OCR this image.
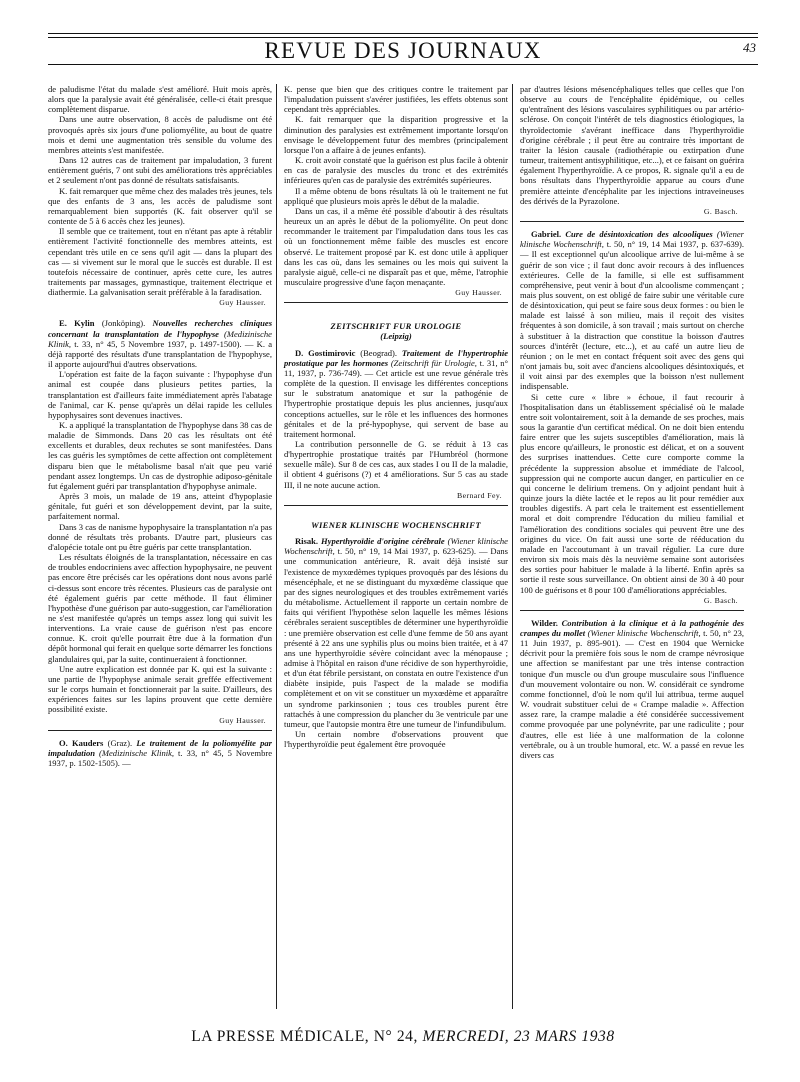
REVUE DES JOURNAUX	43

de paludisme l'état du malade s'est amélioré. Huit mois après, alors que la paralysie avait été généralisée, celle-ci était presque complètement disparue.

Dans une autre observation, 8 accès de paludisme ont été provoqués après six jours d'une poliomyélite, au bout de quatre mois et demi une augmentation très sensible du volume des membres atteints s'est manifestée.

Dans 12 autres cas de traitement par impaludation, 3 furent entièrement guéris, 7 ont subi des améliorations très appréciables et 2 seulement n'ont pas donné de résultats satisfaisants.

K. fait remarquer que même chez des malades très jeunes, tels que des enfants de 3 ans, les accès de paludisme sont remarquablement bien supportés (K. fait observer qu'il se contente de 5 à 6 accès chez les jeunes).

Il semble que ce traitement, tout en n'étant pas apte à rétablir entièrement l'activité fonctionnelle des membres atteints, est cependant très utile en ce sens qu'il agit — dans la plupart des cas — si vivement sur le moral que le succès est durable. Il est toutefois nécessaire de continuer, après cette cure, les autres traitements par massages, gymnastique, traitement électrique et diathermie. La galvanisation serait préférable à la faradisation.

Guy Hausser.

E. Kylin (Jonköping). Nouvelles recherches cliniques concernant la transplantation de l'hypophyse (Medizinische Klinik, t. 33, n° 45, 5 Novembre 1937, p. 1497-1500). — K. a déjà rapporté des résultats d'une transplantation de l'hypophyse, il apporte aujourd'hui d'autres observations.

L'opération est faite de la façon suivante : l'hypophyse d'un animal est coupée dans plusieurs petites parties, la transplantation est d'ailleurs faite immédiatement après l'abatage de l'animal, car K. pense qu'après un délai rapide les cellules hypophysaires sont devenues inactives.

K. a appliqué la transplantation de l'hypophyse dans 38 cas de maladie de Simmonds. Dans 20 cas les résultats ont été excellents et durables, deux rechutes se sont manifestées. Dans les cas guéris les symptômes de cette affection ont complètement disparu bien que le métabolisme basal n'ait que peu varié pendant assez longtemps. Un cas de dystrophie adiposo-génitale fut également guéri par transplantation d'hypophyse animale.

Après 3 mois, un malade de 19 ans, atteint d'hypoplasie génitale, fut guéri et son développement devint, par la suite, parfaitement normal.

Dans 3 cas de nanisme hypophysaire la transplantation n'a pas donné de résultats très probants. D'autre part, plusieurs cas d'alopécie totale ont pu être guéris par cette transplantation.

Les résultats éloignés de la transplantation, nécessaire en cas de troubles endocriniens avec affection hypophysaire, ne peuvent pas encore être précisés car les opérations dont nous avons parlé ci-dessus sont encore très récentes. Plusieurs cas de paralysie ont été également guéris par cette méthode. Il faut éliminer l'hypothèse d'une guérison par auto-suggestion, car l'amélioration ne s'est manifestée qu'après un temps assez long qui suivit les interventions. La vraie cause de guérison n'est pas encore connue. K. croit qu'elle pourrait être due à la formation d'un dépôt hormonal qui ferait en quelque sorte démarrer les fonctions glandulaires qui, par la suite, continueraient à fonctionner.

Une autre explication est donnée par K. qui est la suivante : une partie de l'hypophyse animale serait greffée effectivement sur le corps humain et fonctionnerait par la suite. D'ailleurs, des expériences faites sur les lapins prouvent que cette dernière possibilité existe.

Guy Hausser.

O. Kauders (Graz). Le traitement de la poliomyélite par impaludation (Medizinische Klinik, t. 33, n° 45, 5 Novembre 1937, p. 1502-1505). —

K. pense que bien que des critiques contre le traitement par l'impaludation puissent s'avérer justifiées, les effets obtenus sont cependant très appréciables.

K. fait remarquer que la disparition progressive et la diminution des paralysies est extrêmement importante lorsqu'on envisage le développement futur des membres (principalement lorsque l'on a affaire à de jeunes enfants).

K. croit avoir constaté que la guérison est plus facile à obtenir en cas de paralysie des muscles du tronc et des extrémités inférieures qu'en cas de paralysie des extrémités supérieures.

Il a même obtenu de bons résultats là où le traitement ne fut appliqué que plusieurs mois après le début de la maladie.

Dans un cas, il a même été possible d'aboutir à des résultats heureux un an après le début de la poliomyélite. On peut donc recommander le traitement par l'impaludation dans tous les cas où un fonctionnement même faible des muscles est encore observé. Le traitement proposé par K. est donc utile à appliquer dans les cas où, dans les semaines ou les mois qui suivent la paralysie aiguë, celle-ci ne disparaît pas et que, même, l'atrophie musculaire progressive d'une façon menaçante.

Guy Hausser.
ZEITSCHRIFT FUR UROLOGIE
(Leipzig)

D. Gostimirovic (Beograd). Traitement de l'hypertrophie prostatique par les hormones (Zeitschrift für Urologie, t. 31, n° 11, 1937, p. 736-749). — Cet article est une revue générale très complète de la question. Il envisage les différentes conceptions sur le substratum anatomique et sur la pathogénie de l'hypertrophie prostatique depuis les plus anciennes, jusqu'aux conceptions actuelles, sur le rôle et les influences des hormones génitales et de la pré-hypophyse, qui servent de base au traitement hormonal.

La contribution personnelle de G. se réduit à 13 cas d'hypertrophie prostatique traités par l'Humbréol (hormone sexuelle mâle). Sur 8 de ces cas, aux stades I ou II de la maladie, il obtient 4 guérisons (?) et 4 améliorations. Sur 5 cas au stade III, il ne note aucune action.

Bernard Fey.
WIENER KLINISCHE WOCHENSCHRIFT

Risak. Hyperthyroïdie d'origine cérébrale (Wiener klinische Wochenschrift, t. 50, n° 19, 14 Mai 1937, p. 623-625). — Dans une communication antérieure, R. avait déjà insisté sur l'existence de myxœdèmes typiques provoqués par des lésions du mésencéphale, et ne se distinguant du myxœdème classique que par des signes neurologiques et des troubles extrêmement variés du métabolisme. Actuellement il rapporte un certain nombre de faits qui vérifient l'hypothèse selon laquelle les mêmes lésions cérébrales seraient susceptibles de déterminer une hyperthyroïdie : une première observation est celle d'une femme de 50 ans ayant présenté à 22 ans une syphilis plus ou moins bien traitée, et à 47 ans une hyperthyroïdie sévère coïncidant avec la ménopause ; admise à l'hôpital en raison d'une récidive de son hyperthyroïdie, et d'un état fébrile persistant, on constata en outre l'existence d'un diabète insipide, puis l'aspect de la malade se modifia complètement et on vit se constituer un myxœdème et apparaître un syndrome parkinsonien ; tous ces troubles purent être rattachés à une compression du plancher du 3e ventricule par une tumeur, que l'autopsie montra être une tumeur de l'infundibulum.

Un certain nombre d'observations prouvent que l'hyperthyroïdie peut également être provoquée

par d'autres lésions mésencéphaliques telles que celles que l'on observe au cours de l'encéphalite épidémique, ou celles qu'entraînent des lésions vasculaires syphilitiques ou par artério-sclérose. On conçoit l'intérêt de tels diagnostics étiologiques, la thyroïdectomie s'avérant inefficace dans l'hyperthyroïdie d'origine cérébrale ; il peut être au contraire très important de traiter la lésion causale (radiothérapie ou extirpation d'une tumeur, traitement antisyphilitique, etc...), et ce faisant on guérira également l'hyperthyroïdie. A ce propos, R. signale qu'il a eu de bons résultats dans l'hyperthyroïdie apparue au cours d'une première atteinte d'encéphalite par les injections intraveineuses des dérivés de la Pyrazolone.

G. Basch.

Gabriel. Cure de désintoxication des alcooliques (Wiener klinische Wochenschrift, t. 50, n° 19, 14 Mai 1937, p. 637-639). — Il est exceptionnel qu'un alcoolique arrive de lui-même à se guérir de son vice ; il faut donc avoir recours à des influences extérieures. Celle de la famille, si elle est suffisamment compréhensive, peut venir à bout d'un alcoolisme commençant ; mais plus souvent, on est obligé de faire subir une véritable cure de désintoxication, qui peut se faire sous deux formes : ou bien le malade est laissé à son milieu, mais il reçoit des visites fréquentes à son domicile, à son travail ; mais surtout on cherche à substituer à la distraction que constitue la boisson d'autres sources d'intérêt (lecture, etc...), et au café un autre lieu de réunion ; on le met en contact fréquent soit avec des gens qui n'ont jamais bu, soit avec d'anciens alcooliques désintoxiqués, et il voit ainsi par des exemples que la boisson n'est nullement indispensable.

Si cette cure « libre » échoue, il faut recourir à l'hospitalisation dans un établissement spécialisé où le malade entre soit volontairement, soit à la demande de ses proches, mais sous la garantie d'un certificat médical. On ne doit bien entendu faire entrer que les sujets susceptibles d'amélioration, mais là plus encore qu'ailleurs, le pronostic est délicat, et on a souvent des surprises inattendues. Cette cure comporte comme la précédente la suppression absolue et immédiate de l'alcool, suppression qui ne comporte aucun danger, en particulier en ce qui concerne le delirium tremens. On y adjoint pendant huit à quinze jours la diète lactée et le repos au lit pour remédier aux troubles digestifs. A part cela le traitement est essentiellement moral et doit comprendre l'éducation du milieu familial et l'amélioration des conditions sociales qui peuvent être une des origines du vice. On fait aussi une sorte de rééducation du malade en l'accoutumant à un travail régulier. La cure dure environ six mois mais dès la neuvième semaine sont autorisées des sorties pour habituer le malade à la liberté. Enfin après sa sortie il reste sous surveillance. On obtient ainsi de 30 à 40 pour 100 de guérisons et 8 pour 100 d'améliorations appréciables.

G. Basch.

Wilder. Contribution à la clinique et à la pathogénie des crampes du mollet (Wiener klinische Wochenschrift, t. 50, n° 23, 11 Juin 1937, p. 895-901). — C'est en 1904 que Wernicke décrivit pour la première fois sous le nom de crampe névrosique une affection se manifestant par une très intense contraction tonique d'un muscle ou d'un groupe musculaire sous l'influence d'un mouvement volontaire ou non. W. considérait ce syndrome comme fonctionnel, d'où le nom qu'il lui attribua, terme auquel W. voudrait substituer celui de « Crampe maladie ». Affection assez rare, la crampe maladie a été considérée successivement comme provoquée par une polynévrite, par une radiculite ; pour d'autres, elle est liée à une malformation de la colonne vertébrale, ou à un trouble humoral, etc. W. a passé en revue les divers cas

LA PRESSE MÉDICALE, N° 24, MERCREDI, 23 MARS 1938
